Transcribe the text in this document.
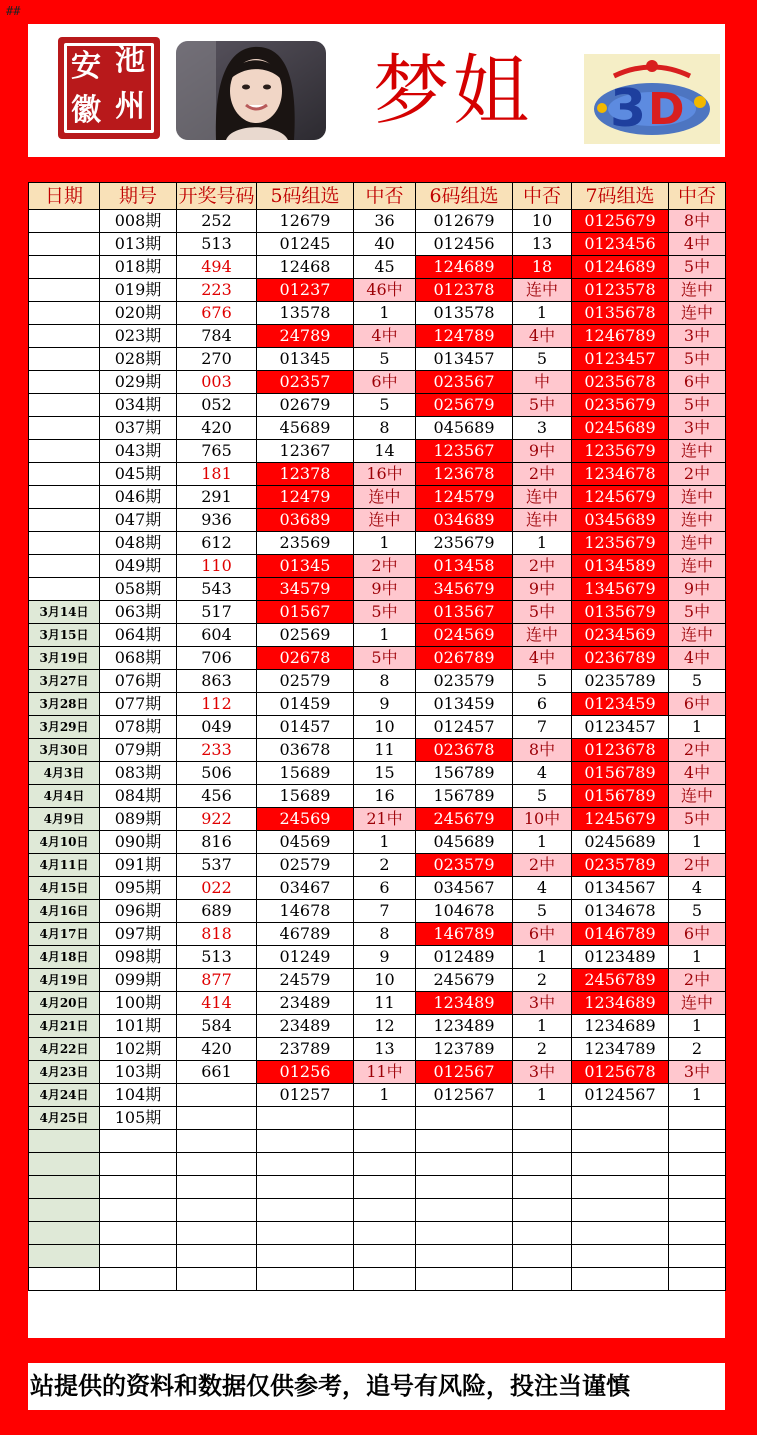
##
安 池
徽 州	梦姐 3 D
日期	期号	开奖号码	5码组选	中否	6码组选	中否	7码组选	中否
	008期	252	12679	36	012679	10	0125679	8中
	013期	513	01245	40	012456	13	0123456	4中
	018期	494	12468	45	124689	18	0124689	5中
	019期	223	01237	46中	012378	连中	0123578	连中
	020期	676	13578	1	013578	1	0135678	连中
	023期	784	24789	4中	124789	4中	1246789	3中
	028期	270	01345	5	013457	5	0123457	5中
	029期	003	02357	6中	023567	中	0235678	6中
	034期	052	02679	5	025679	5中	0235679	5中
	037期	420	45689	8	045689	3	0245689	3中
	043期	765	12367	14	123567	9中	1235679	连中
	045期	181	12378	16中	123678	2中	1234678	2中
	046期	291	12479	连中	124579	连中	1245679	连中
	047期	936	03689	连中	034689	连中	0345689	连中
	048期	612	23569	1	235679	1	1235679	连中
	049期	110	01345	2中	013458	2中	0134589	连中
	058期	543	34579	9中	345679	9中	1345679	9中
3月14日	063期	517	01567	5中	013567	5中	0135679	5中
3月15日	064期	604	02569	1	024569	连中	0234569	连中
3月19日	068期	706	02678	5中	026789	4中	0236789	4中
3月27日	076期	863	02579	8	023579	5	0235789	5
3月28日	077期	112	01459	9	013459	6	0123459	6中
3月29日	078期	049	01457	10	012457	7	0123457	1
3月30日	079期	233	03678	11	023678	8中	0123678	2中
4月3日	083期	506	15689	15	156789	4	0156789	4中
4月4日	084期	456	15689	16	156789	5	0156789	连中
4月9日	089期	922	24569	21中	245679	10中	1245679	5中
4月10日	090期	816	04569	1	045689	1	0245689	1
4月11日	091期	537	02579	2	023579	2中	0235789	2中
4月15日	095期	022	03467	6	034567	4	0134567	4
4月16日	096期	689	14678	7	104678	5	0134678	5
4月17日	097期	818	46789	8	146789	6中	0146789	6中
4月18日	098期	513	01249	9	012489	1	0123489	1
4月19日	099期	877	24579	10	245679	2	2456789	2中
4月20日	100期	414	23489	11	123489	3中	1234689	连中
4月21日	101期	584	23489	12	123489	1	1234689	1
4月22日	102期	420	23789	13	123789	2	1234789	2
4月23日	103期	661	01256	11中	012567	3中	0125678	3中
4月24日	104期		01257	1	012567	1	0124567	1
4月25日	105期							

站提供的资料和数据仅供参考，追号有风险，投注当谨慎
